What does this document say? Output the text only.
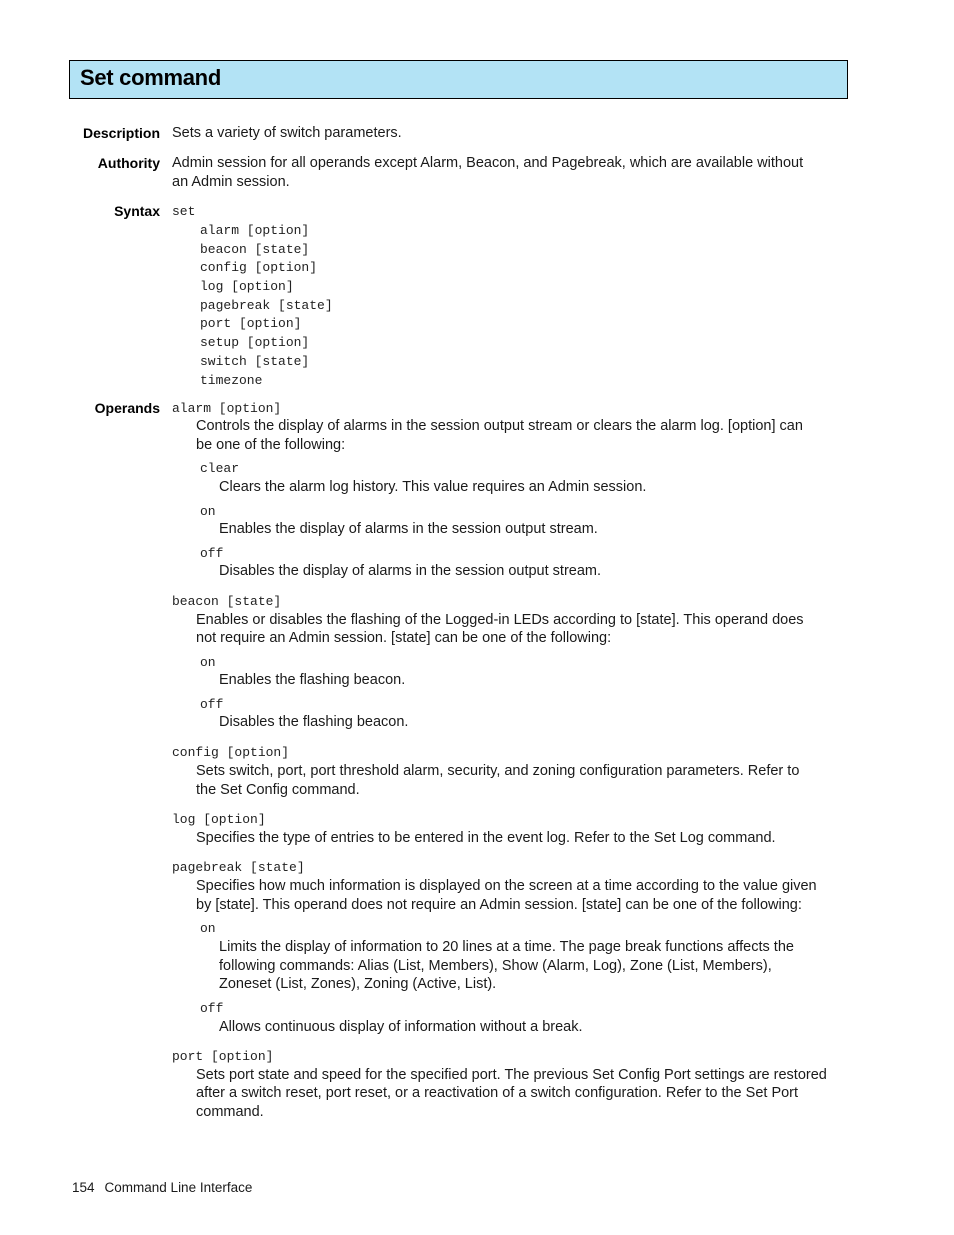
Set command
Description Sets a variety of switch parameters.
Authority Admin session for all operands except Alarm, Beacon, and Pagebreak, which are available without
an Admin session.
Syntax set
alarm [option]
beacon [state]
config [option]
log [option]
pagebreak [state]
port [option]
setup [option]
switch [state]
timezone
Operands alarm [option]
Controls the display of alarms in the session output stream or clears the alarm log. [option] can
be one of the following:
clear
Clears the alarm log history. This value requires an Admin session.
on
Enables the display of alarms in the session output stream.
off
Disables the display of alarms in the session output stream.
beacon [state]
Enables or disables the flashing of the Logged-in LEDs according to [state]. This operand does
not require an Admin session. [state] can be one of the following:
on
Enables the flashing beacon.
off
Disables the flashing beacon.
config [option]
Sets switch, port, port threshold alarm, security, and zoning configuration parameters. Refer to
the Set Config command.
log [option]
Specifies the type of entries to be entered in the event log. Refer to the Set Log command.
pagebreak [state]
Specifies how much information is displayed on the screen at a time according to the value given
by [state]. This operand does not require an Admin session. [state] can be one of the following:
on
Limits the display of information to 20 lines at a time. The page break functions affects the
following commands: Alias (List, Members), Show (Alarm, Log), Zone (List, Members),
Zoneset (List, Zones), Zoning (Active, List).
off
Allows continuous display of information without a break.
port [option]
Sets port state and speed for the specified port. The previous Set Config Port settings are restored
after a switch reset, port reset, or a reactivation of a switch configuration. Refer to the Set Port
command.
154 Command Line Interface
